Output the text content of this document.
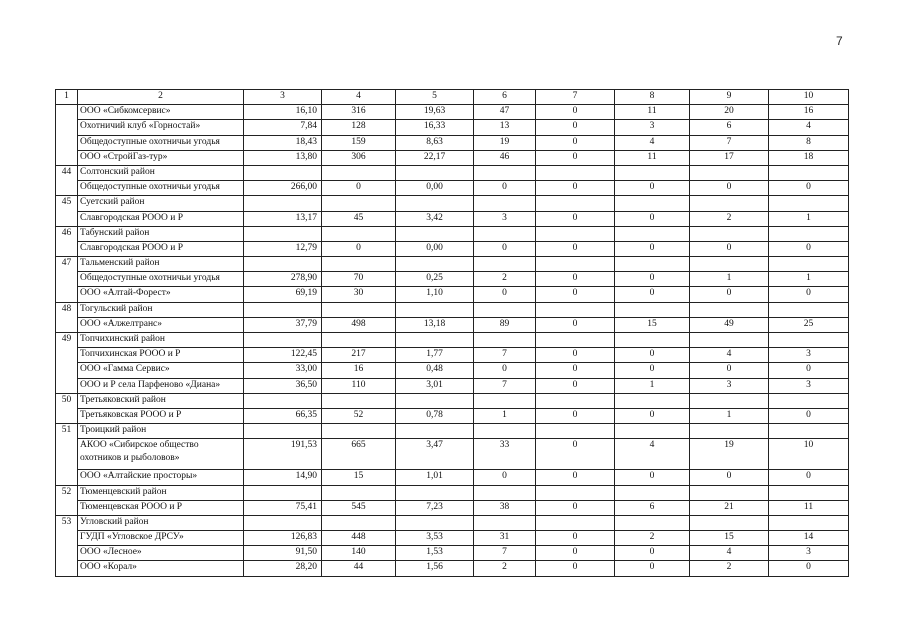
7
1	2	3	4	5	6	7	8	9	10
	ООО «Сибкомсервис»	16,10	316	19,63	47	0	11	20	16
	Охотничий клуб «Горностай»	7,84	128	16,33	13	0	3	6	4
	Общедоступные охотничьи угодья	18,43	159	8,63	19	0	4	7	8
	ООО «СтройГаз-тур»	13,80	306	22,17	46	0	11	17	18
44	Солтонский район								
	Общедоступные охотничьи угодья	266,00	0	0,00	0	0	0	0	0
45	Суетский район								
	Славгородская РООО и Р	13,17	45	3,42	3	0	0	2	1
46	Табунский район								
	Славгородская РООО и Р	12,79	0	0,00	0	0	0	0	0
47	Тальменский район								
	Общедоступные охотничьи угодья	278,90	70	0,25	2	0	0	1	1
	ООО «Алтай-Форест»	69,19	30	1,10	0	0	0	0	0
48	Тогульский район								
	ООО «Алжелтранс»	37,79	498	13,18	89	0	15	49	25
49	Топчихинский район								
	Топчихинская РООО и Р	122,45	217	1,77	7	0	0	4	3
	ООО «Гамма Сервис»	33,00	16	0,48	0	0	0	0	0
	ООО и Р села Парфеново «Диана»	36,50	110	3,01	7	0	1	3	3
50	Третьяковский район								
	Третьяковская РООО и Р	66,35	52	0,78	1	0	0	1	0
51	Троицкий район								
	АКОО «Сибирское общество охотников и рыболовов»	191,53	665	3,47	33	0	4	19	10
	ООО «Алтайские просторы»	14,90	15	1,01	0	0	0	0	0
52	Тюменцевский район								
	Тюменцевская РООО и Р	75,41	545	7,23	38	0	6	21	11
53	Угловский район								
	ГУДП «Угловское ДРСУ»	126,83	448	3,53	31	0	2	15	14
	ООО «Лесное»	91,50	140	1,53	7	0	0	4	3
	ООО «Корал»	28,20	44	1,56	2	0	0	2	0
